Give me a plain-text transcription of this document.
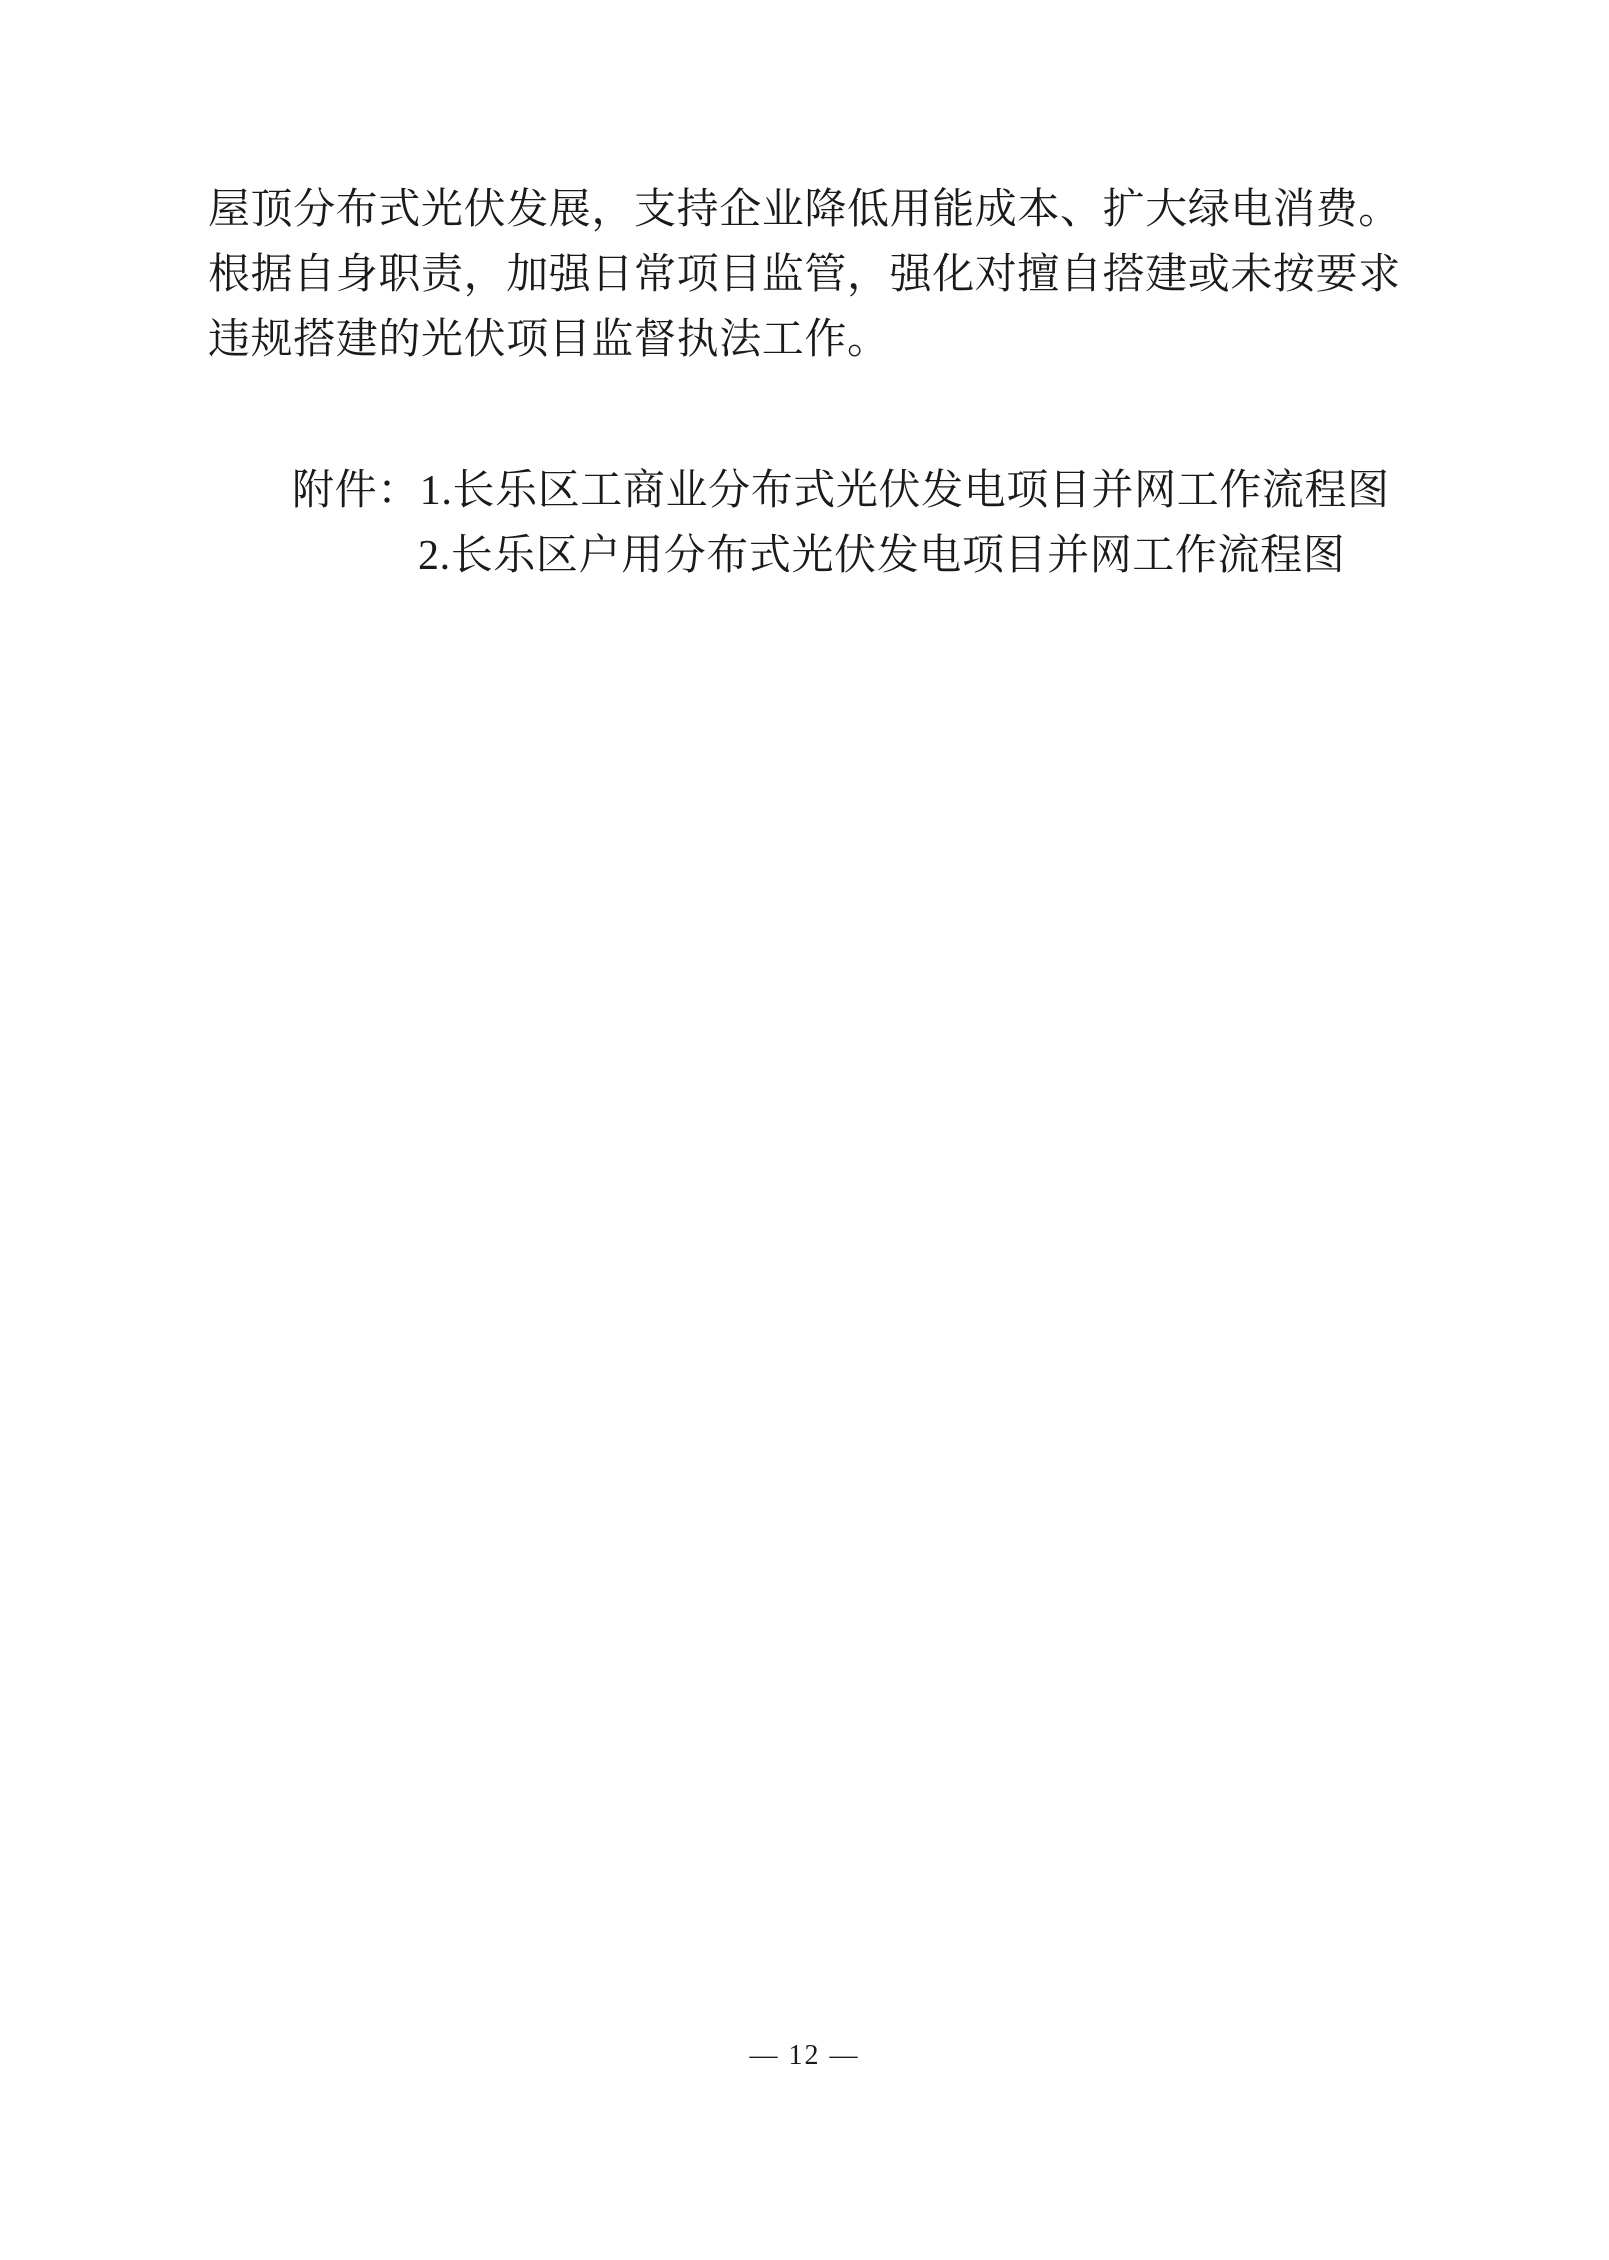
屋顶分布式光伏发展，支持企业降低用能成本、扩大绿电消费。
根据自身职责，加强日常项目监管，强化对擅自搭建或未按要求
违规搭建的光伏项目监督执法工作。
附件：1.长乐区工商业分布式光伏发电项目并网工作流程图
2.长乐区户用分布式光伏发电项目并网工作流程图
— 12 —
